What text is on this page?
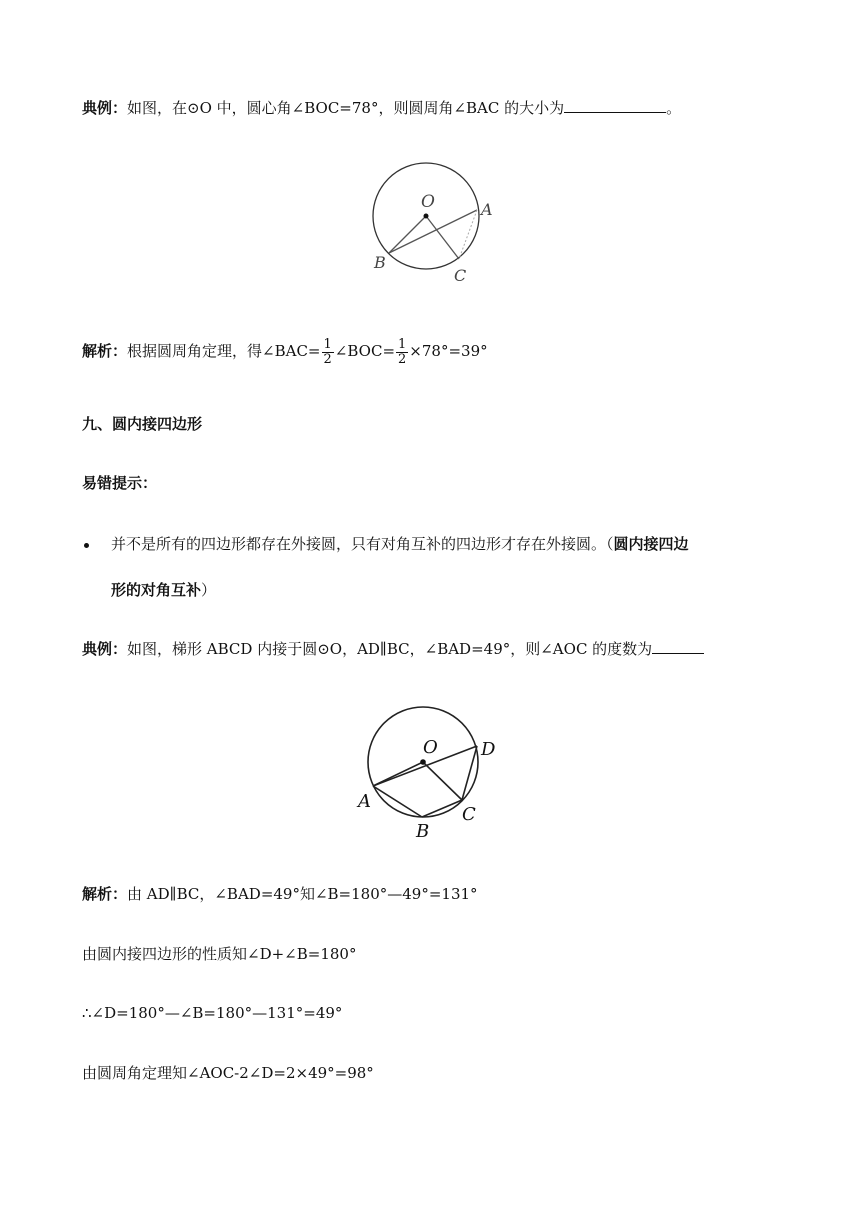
典例：如图，在⊙O 中，圆心角∠BOC=78°，则圆周角∠BAC 的大小为	。
O	A
B
C
解析：根据圆周角定理，得∠BAC= $\frac{1}{2}$ ∠BOC= $\frac{1}{2} \times 78^\circ=39^\circ$
九、圆内接四边形
易错提示：
并不是所有的四边形都存在外接圆，只有对角互补的四边形才存在外接圆。（圆内接四边
形的对角互补）
典例：如图，梯形 ABCD 内接于圆⊙O，AD∥BC，∠BAD=49°，则∠AOC 的度数为
O D
A
C
B
解析：由 AD∥BC，∠BAD=49°知∠B=180°—49°=131°
由圆内接四边形的性质知∠D+∠B=180°
∴∠D=180°—∠B=180°—131°=49°
由圆周角定理知∠AOC-2∠D=2×49°=98°
